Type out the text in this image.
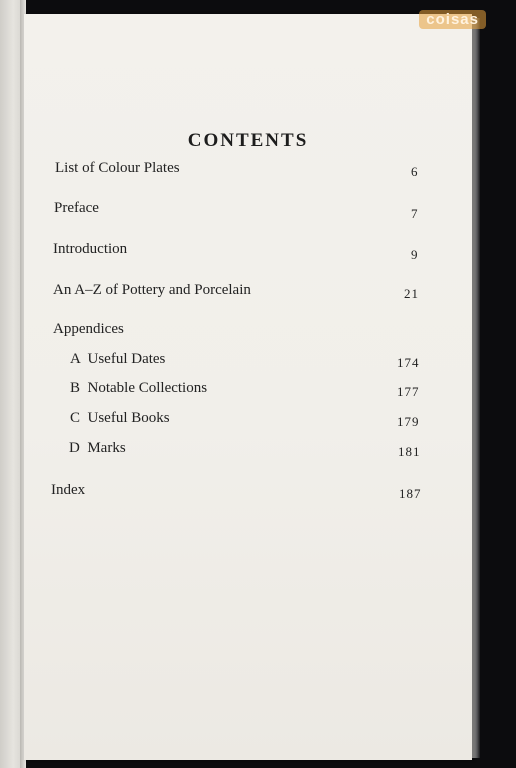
CONTENTS
List of Colour Plates	6
Preface	7
Introduction	9
An A–Z of Pottery and Porcelain	21
Appendices
A  Useful Dates	174
B  Notable Collections	177
C  Useful Books	179
D  Marks	181
Index	187
coisas
